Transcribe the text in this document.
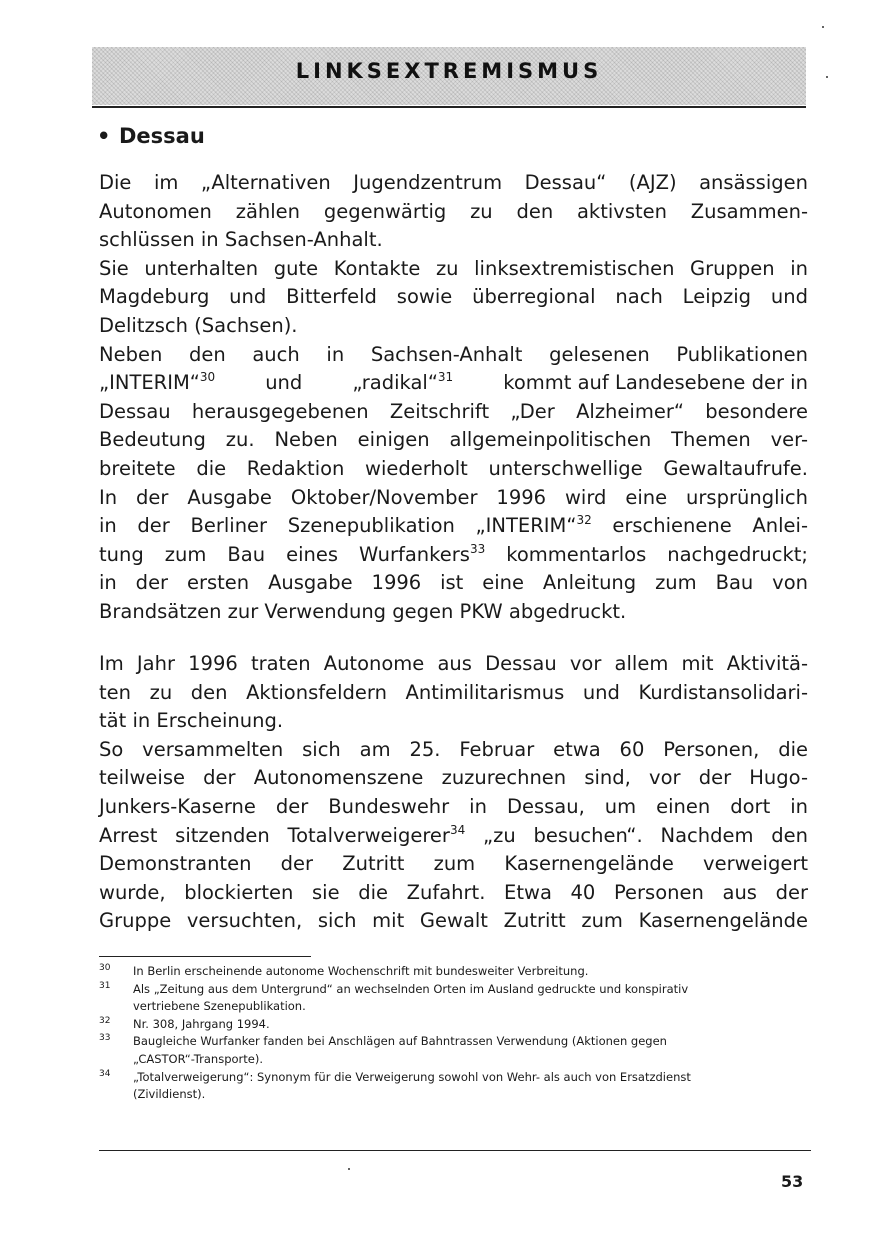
LINKSEXTREMISMUS
• Dessau
Die im „Alternativen Jugendzentrum Dessau“ (AJZ) ansässigen
Autonomen zählen gegenwärtig zu den aktivsten Zusammen-
schlüssen in Sachsen-Anhalt.
Sie unterhalten gute Kontakte zu linksextremistischen Gruppen in
Magdeburg und Bitterfeld sowie überregional nach Leipzig und
Delitzsch (Sachsen).
Neben den auch in Sachsen-Anhalt gelesenen Publikationen
„INTERIM“$^{30}$	und	„radikal“$^{31}$	kommt auf Landesebene der in
Dessau herausgegebenen Zeitschrift „Der Alzheimer“ besondere
Bedeutung zu. Neben einigen allgemeinpolitischen Themen ver-
breitete die Redaktion wiederholt unterschwellige Gewaltaufrufe.
In der Ausgabe Oktober/November 1996 wird eine ursprünglich
in der Berliner Szenepublikation „INTERIM“$^{32}$ erschienene Anlei-
tung zum Bau eines Wurfankers$^{33}$ kommentarlos nachgedruckt;
in der ersten Ausgabe 1996 ist eine Anleitung zum Bau von
Brandsätzen zur Verwendung gegen PKW abgedruckt.
Im Jahr 1996 traten Autonome aus Dessau vor allem mit Aktivitä-
ten zu den Aktionsfeldern Antimilitarismus und Kurdistansolidari-
tät in Erscheinung.
So versammelten sich am 25. Februar etwa 60 Personen, die
teilweise der Autonomenszene zuzurechnen sind, vor der Hugo-
Junkers-Kaserne der Bundeswehr in Dessau, um einen dort in
Arrest sitzenden Totalverweigerer$^{34}$ „zu besuchen“. Nachdem den
Demonstranten der Zutritt zum Kasernengelände verweigert
wurde, blockierten sie die Zufahrt. Etwa 40 Personen aus der
Gruppe versuchten, sich mit Gewalt Zutritt zum Kasernengelände
30 In Berlin erscheinende autonome Wochenschrift mit bundesweiter Verbreitung.
31 Als „Zeitung aus dem Untergrund“ an wechselnden Orten im Ausland gedruckte und konspirativ
vertriebene Szenepublikation.
32 Nr. 308, Jahrgang 1994.
33 Baugleiche Wurfanker fanden bei Anschlägen auf Bahntrassen Verwendung (Aktionen gegen
„CASTOR“-Transporte).
34 „Totalverweigerung“: Synonym für die Verweigerung sowohl von Wehr- als auch von Ersatzdienst
(Zivildienst).
53
